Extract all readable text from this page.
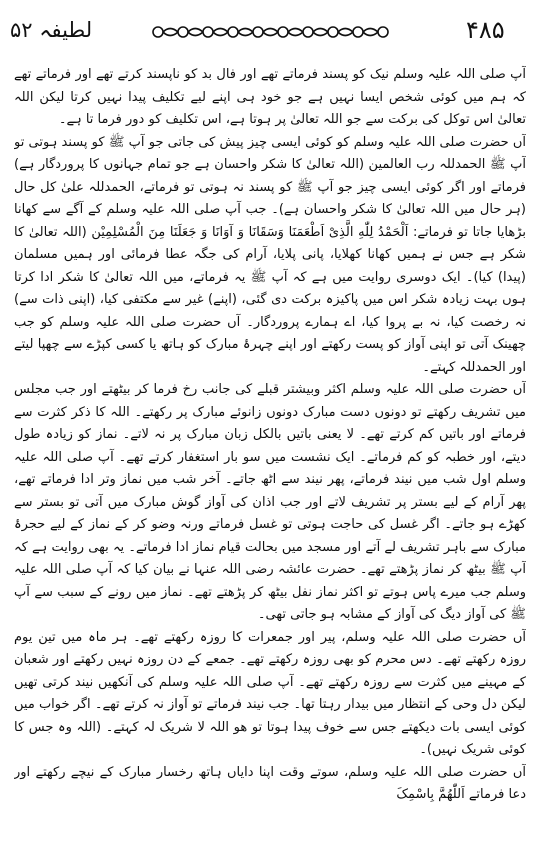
۴۸۵
لطیفہ ۵۲

آپ صلی اللہ علیہ وسلم نیک کو پسند فرماتے تھے اور فال بد کو ناپسند کرتے تھے اور فرماتے تھے کہ ہم میں کوئی شخص ایسا نہیں ہے جو خود ہی اپنے لیے تکلیف پیدا نہیں کرتا لیکن اللہ تعالیٰ اس توکل کی برکت سے جو اللہ تعالیٰ پر ہوتا ہے، اس تکلیف کو دور فرما تا ہے۔

آں حضرت صلی اللہ علیہ وسلم کو کوئی ایسی چیز پیش کی جاتی جو آپ ﷺ کو پسند ہوتی تو آپ ﷺ الحمدللہ رب العالمین (اللہ تعالیٰ کا شکر واحسان ہے جو تمام جہانوں کا پروردگار ہے) فرماتے اور اگر کوئی ایسی چیز جو آپ ﷺ کو پسند نہ ہوتی تو فرماتے، الحمدللہ علیٰ کل حال (ہر حال میں اللہ تعالیٰ کا شکر واحسان ہے)۔ جب آپ صلی اللہ علیہ وسلم کے آگے سے کھانا بڑھایا جاتا تو فرماتے: اَلْحَمْدُ لِلّٰهِ الَّذِیْ اَطْعَمَنَا وَسَقَانَا وَ آوَانَا وَ جَعَلَنَا مِنَ الْمُسْلِمِیْن (اللہ تعالیٰ کا شکر ہے جس نے ہمیں کھانا کھلایا، پانی پلایا، آرام کی جگہ عطا فرمائی اور ہمیں مسلمان (پیدا) کیا)۔ ایک دوسری روایت میں ہے کہ آپ ﷺ یہ فرماتے، میں اللہ تعالیٰ کا شکر ادا کرتا ہوں بہت زیادہ شکر اس میں پاکیزہ برکت دی گئی، (اپنے) غیر سے مکتفی کیا، (اپنی ذات سے) نہ رخصت کیا، نہ بے پروا کیا، اے ہمارے پروردگار۔ آں حضرت صلی اللہ علیہ وسلم کو جب چھینک آتی تو اپنی آواز کو پست رکھتے اور اپنے چہرۂ مبارک کو ہاتھ یا کسی کپڑے سے چھپا لیتے اور الحمدللہ کہتے۔

آں حضرت صلی اللہ علیہ وسلم اکثر وبیشتر قبلے کی جانب رخ فرما کر بیٹھتے اور جب مجلس میں تشریف رکھتے تو دونوں دست مبارک دونوں زانوئے مبارک پر رکھتے۔ اللہ کا ذکر کثرت سے فرماتے اور باتیں کم کرتے تھے۔ لا یعنی باتیں بالکل زبان مبارک پر نہ لاتے۔ نماز کو زیادہ طول دیتے، اور خطبہ کو کم فرماتے۔ ایک نشست میں سو بار استغفار کرتے تھے۔ آپ صلی اللہ علیہ وسلم اول شب میں نیند فرماتے، پھر نیند سے اٹھ جاتے۔ آخر شب میں نماز وتر ادا فرماتے تھے، پھر آرام کے لیے بستر پر تشریف لاتے اور جب اذان کی آواز گوش مبارک میں آتی تو بستر سے کھڑے ہو جاتے۔ اگر غسل کی حاجت ہوتی تو غسل فرماتے ورنہ وضو کر کے نماز کے لیے حجرۂ مبارک سے باہر تشریف لے آتے اور مسجد میں بحالت قیام نماز ادا فرماتے۔ یہ بھی روایت ہے کہ آپ ﷺ بیٹھ کر نماز پڑھتے تھے۔ حضرت عائشہ رضی اللہ عنہا نے بیان کیا کہ آپ صلی اللہ علیہ وسلم جب میرے پاس ہوتے تو اکثر نماز نفل بیٹھ کر پڑھتے تھے۔ نماز میں رونے کے سبب سے آپ ﷺ کی آواز دیگ کی آواز کے مشابہ ہو جاتی تھی۔

آں حضرت صلی اللہ علیہ وسلم، پیر اور جمعرات کا روزہ رکھتے تھے۔ ہر ماہ میں تین یوم روزہ رکھتے تھے۔ دس محرم کو بھی روزہ رکھتے تھے۔ جمعے کے دن روزہ نہیں رکھتے اور شعبان کے مہینے میں کثرت سے روزہ رکھتے تھے۔ آپ صلی اللہ علیہ وسلم کی آنکھیں نیند کرتی تھیں لیکن دل وحی کے انتظار میں بیدار رہتا تھا۔ جب نیند فرماتے تو آواز نہ کرتے تھے۔ اگر خواب میں کوئی ایسی بات دیکھتے جس سے خوف پیدا ہوتا تو ھو اللہ لا شریک لہ کہتے۔ (اللہ وہ جس کا کوئی شریک نہیں)۔

آں حضرت صلی اللہ علیہ وسلم، سوتے وقت اپنا دایاں ہاتھ رخسار مبارک کے نیچے رکھتے اور دعا فرماتے اَللّٰھُمَّ بِاسْمِکَ
